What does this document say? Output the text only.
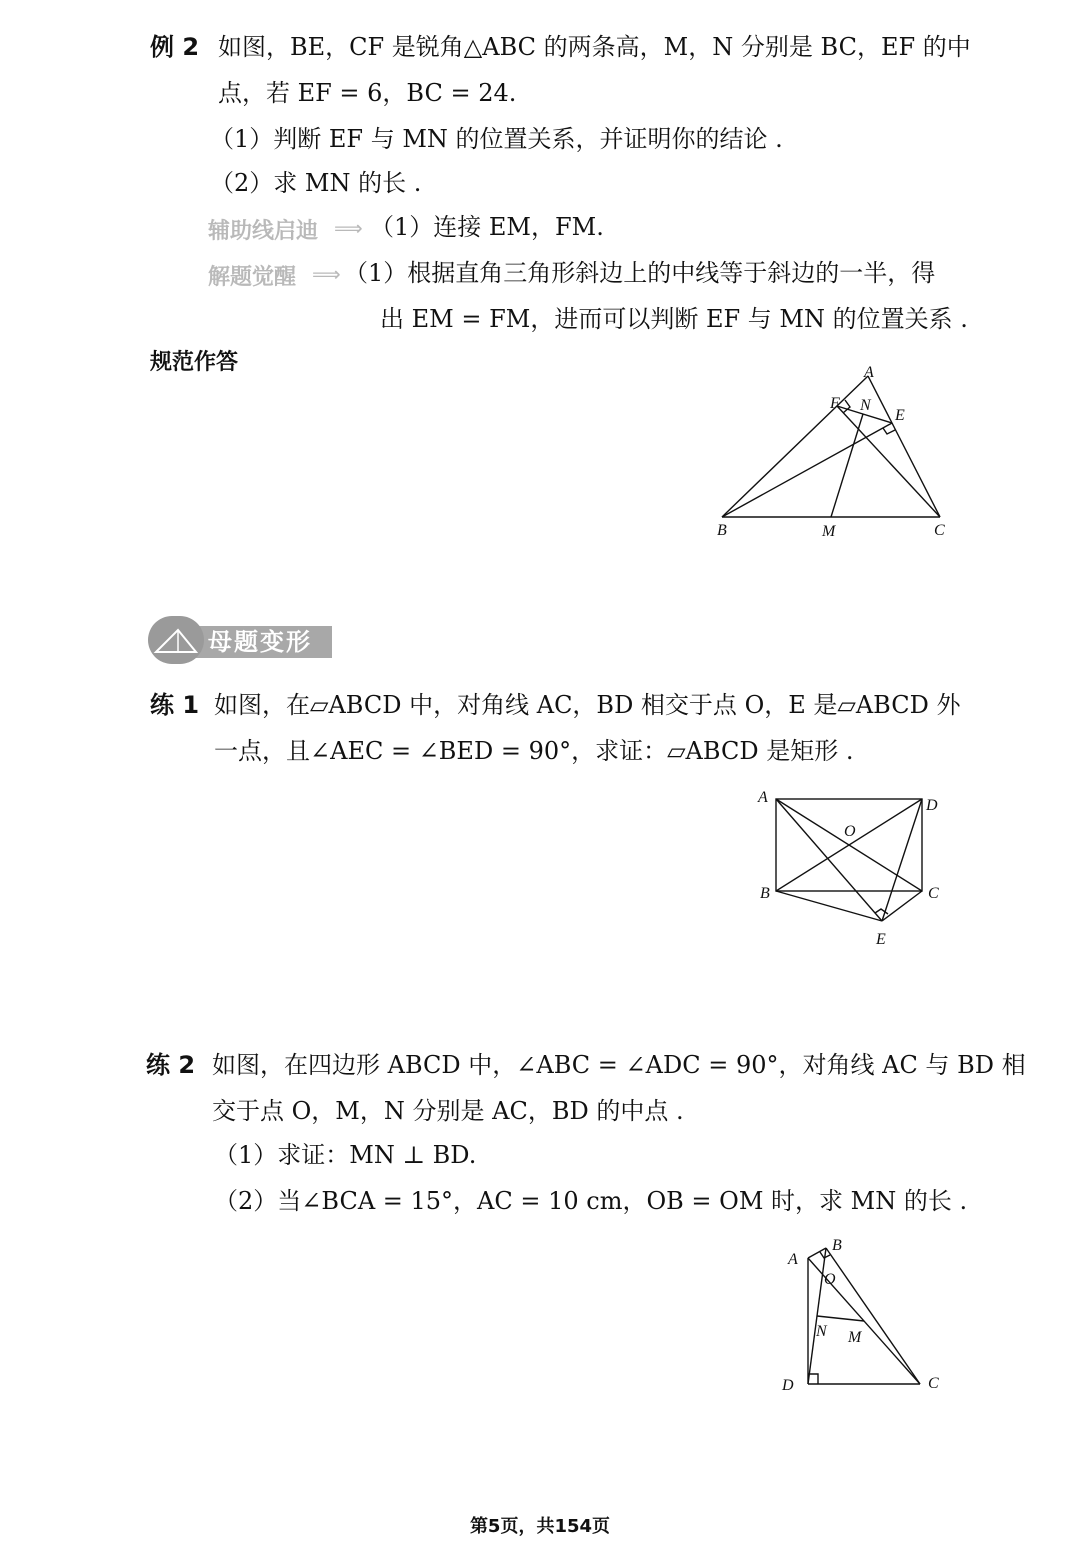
例 2 如图，BE，CF 是锐角△ABC 的两条高，M，N 分别是 BC，EF 的中
点，若 EF = 6，BC = 24.
（1）判断 EF 与 MN 的位置关系，并证明你的结论 .
（2）求 MN 的长 .
辅助线启迪 ⟹ （1）连接 EM，FM.
解题觉醒 ⟹ （1）根据直角三角形斜边上的中线等于斜边的一半，得
出 EM = FM，进而可以判断 EF 与 MN 的位置关系 .
规范作答	A
B	C
E
F
M
N
母题变形
练 1 如图，在▱ABCD 中，对角线 AC，BD 相交于点 O，E 是▱ABCD 外
一点，且∠AEC = ∠BED = 90°，求证：▱ABCD 是矩形 .
A
B	C
D
E
O
练 2 如图，在四边形 ABCD 中，∠ABC = ∠ADC = 90°，对角线 AC 与 BD 相
交于点 O，M，N 分别是 AC，BD 的中点 .
（1）求证：MN ⊥ BD.
（2）当∠BCA = 15°，AC = 10 cm，OB = OM 时，求 MN 的长 .
A
B
C
D
M
N
O
第5页，共154页
